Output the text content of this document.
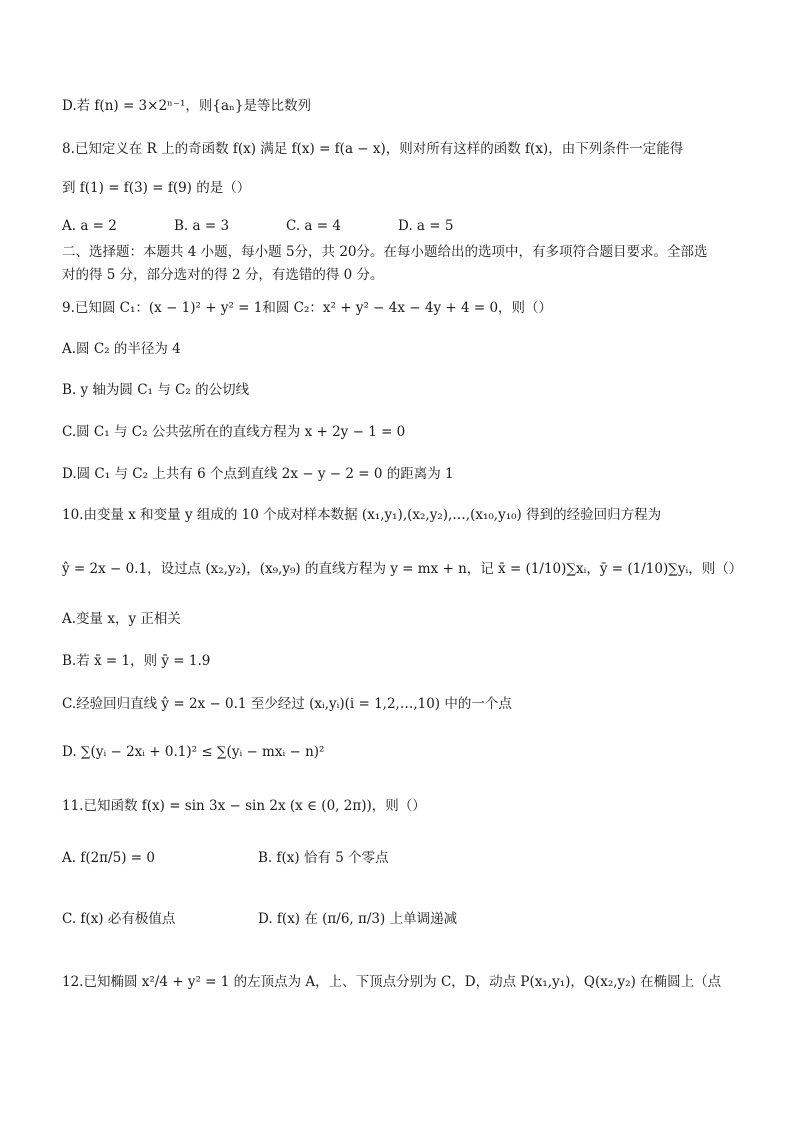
D.若 f(n) = 3×2ⁿ⁻¹，则{aₙ}是等比数列
8.已知定义在 R 上的奇函数 f(x) 满足 f(x) = f(a − x)，则对所有这样的函数 f(x)，由下列条件一定能得
到 f(1) = f(3) = f(9) 的是（）
A. a = 2	B. a = 3	C. a = 4	D. a = 5
二、选择题：本题共 4 小题，每小题 5分，共 20分。在每小题给出的选项中，有多项符合题目要求。全部选
对的得 5 分，部分选对的得 2 分，有选错的得 0 分。
9.已知圆 C₁：(x − 1)² + y² = 1和圆 C₂：x² + y² − 4x − 4y + 4 = 0，则（）
A.圆 C₂ 的半径为 4
B. y 轴为圆 C₁ 与 C₂ 的公切线
C.圆 C₁ 与 C₂ 公共弦所在的直线方程为 x + 2y − 1 = 0
D.圆 C₁ 与 C₂ 上共有 6 个点到直线 2x − y − 2 = 0 的距离为 1
10.由变量 x 和变量 y 组成的 10 个成对样本数据 (x₁,y₁),(x₂,y₂),…,(x₁₀,y₁₀) 得到的经验回归方程为
ŷ = 2x − 0.1，设过点 (x₂,y₂)，(x₉,y₉) 的直线方程为 y = mx + n，记 x̄ = (1/10)∑xᵢ，ȳ = (1/10)∑yᵢ，则（）
A.变量 x，y 正相关
B.若 x̄ = 1，则 ȳ = 1.9
C.经验回归直线 ŷ = 2x − 0.1 至少经过 (xᵢ,yᵢ)(i = 1,2,…,10) 中的一个点
D. ∑(yᵢ − 2xᵢ + 0.1)² ≤ ∑(yᵢ − mxᵢ − n)²
11.已知函数 f(x) = sin 3x − sin 2x (x ∈ (0, 2π))，则（）
A. f(2π/5) = 0	B. f(x) 恰有 5 个零点
C. f(x) 必有极值点	D. f(x) 在 (π/6, π/3) 上单调递减
12.已知椭圆 x²/4 + y² = 1 的左顶点为 A，上、下顶点分别为 C，D，动点 P(x₁,y₁)，Q(x₂,y₂) 在椭圆上（点
